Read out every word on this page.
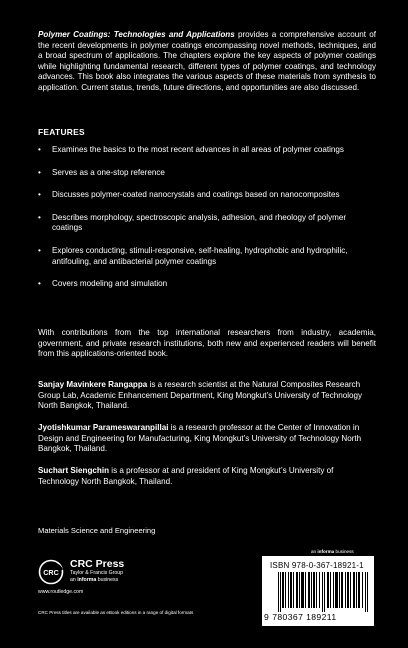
Polymer Coatings: Technologies and Applications provides a comprehensive account of the recent developments in polymer coatings encompassing novel methods, techniques, and a broad spectrum of applications. The chapters explore the key aspects of polymer coatings while highlighting fundamental research, different types of polymer coatings, and technology advances. This book also integrates the various aspects of these materials from synthesis to application. Current status, trends, future directions, and opportunities are also discussed.

FEATURES

• Examines the basics to the most recent advances in all areas of polymer coatings
• Serves as a one-stop reference
• Discusses polymer-coated nanocrystals and coatings based on nanocomposites
• Describes morphology, spectroscopic analysis, adhesion, and rheology of polymer coatings
• Explores conducting, stimuli-responsive, self-healing, hydrophobic and hydrophilic, antifouling, and antibacterial polymer coatings
• Covers modeling and simulation

With contributions from the top international researchers from industry, academia, government, and private research institutions, both new and experienced readers will benefit from this applications-oriented book.

Sanjay Mavinkere Rangappa is a research scientist at the Natural Composites Research Group Lab, Academic Enhancement Department, King Mongkut’s University of Technology North Bangkok, Thailand.

Jyotishkumar Parameswaranpillai is a research professor at the Center of Innovation in Design and Engineering for Manufacturing, King Mongkut’s University of Technology North Bangkok, Thailand.

Suchart Siengchin is a professor at and president of King Mongkut’s University of Technology North Bangkok, Thailand.

Materials Science and Engineering

CRC

CRC Press

Taylor & Francis Group

an informa business

www.routledge.com

CRC Press titles are available as eBook editions in a range of digital formats

an informa business

ISBN 978-0-367-18921-1

9 780367 189211
